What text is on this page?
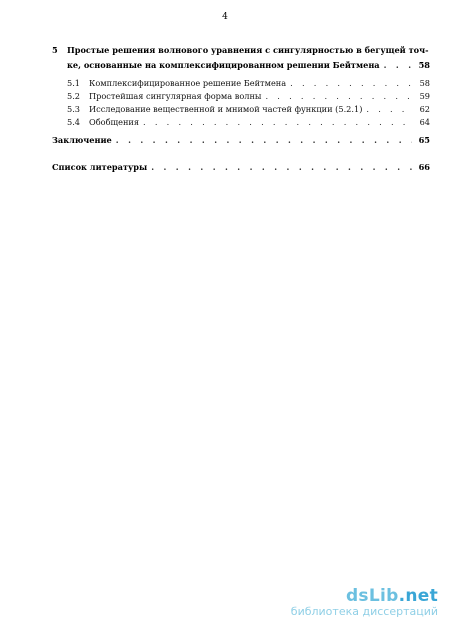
4
5 Простые решения волнового уравнения с сингулярностью в бегущей точ-
ке, основанные на комплексифицированном решении Бейтмена . . .	58
5.1	Комплексифицированное решение Бейтмена . . .	58
5.2	Простейшая сингулярная форма волны . . .	59
5.3	Исследование вещественной и мнимой частей функции (5.2.1) . . .	62
5.4	Обобщения . . .	64
Заключение . . .	65
Список литературы . . .	66
dsLib.net
библиотека диссертаций
